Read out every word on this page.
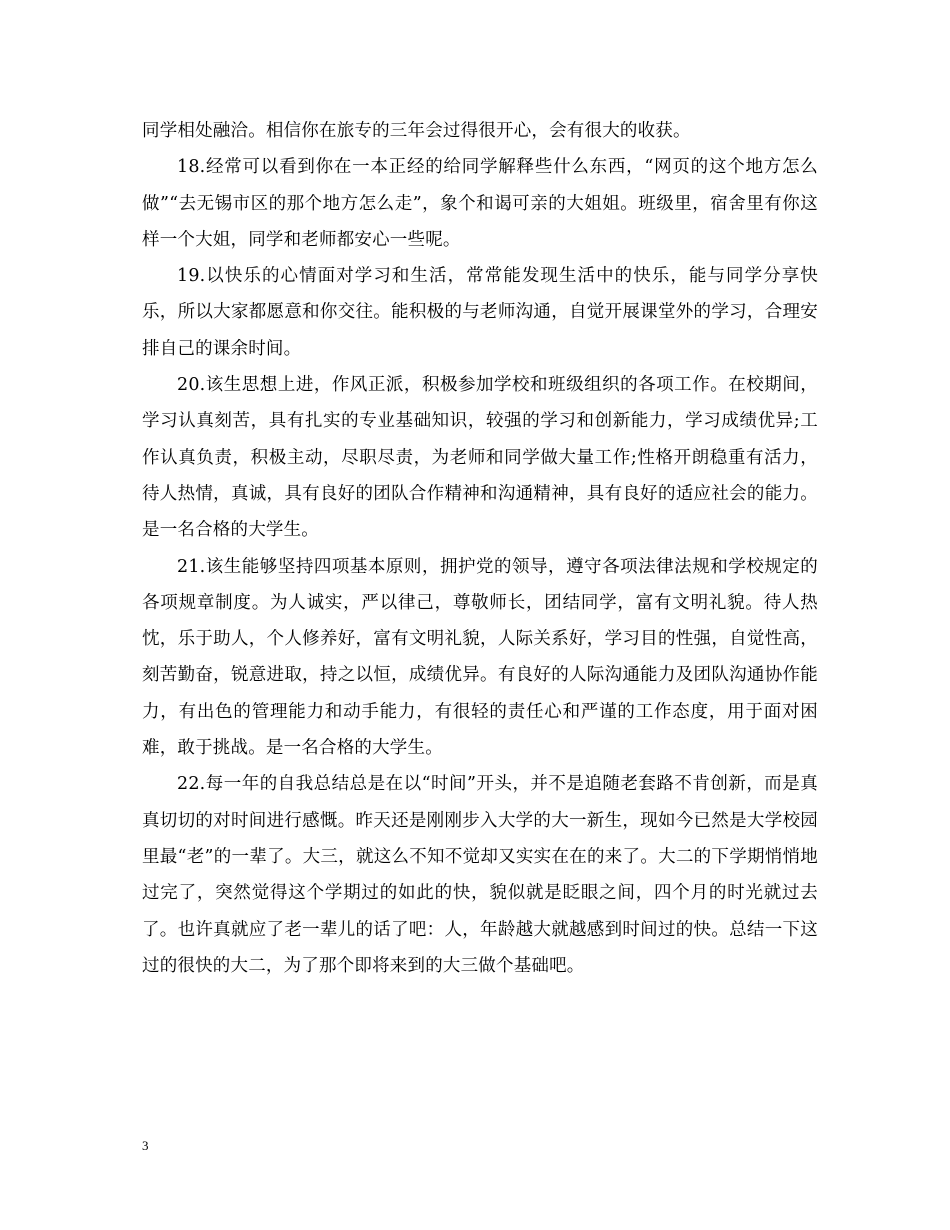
同学相处融洽。相信你在旅专的三年会过得很开心，会有很大的收获。

18.经常可以看到你在一本正经的给同学解释些什么东西，“网页的这个地方怎么做”“去无锡市区的那个地方怎么走”，象个和谒可亲的大姐姐。班级里，宿舍里有你这样一个大姐，同学和老师都安心一些呢。

19.以快乐的心情面对学习和生活，常常能发现生活中的快乐，能与同学分享快乐，所以大家都愿意和你交往。能积极的与老师沟通，自觉开展课堂外的学习，合理安排自己的课余时间。

20.该生思想上进，作风正派，积极参加学校和班级组织的各项工作。在校期间，学习认真刻苦，具有扎实的专业基础知识，较强的学习和创新能力，学习成绩优异;工作认真负责，积极主动，尽职尽责，为老师和同学做大量工作;性格开朗稳重有活力，待人热情，真诚，具有良好的团队合作精神和沟通精神，具有良好的适应社会的能力。是一名合格的大学生。

21.该生能够坚持四项基本原则，拥护党的领导，遵守各项法律法规和学校规定的各项规章制度。为人诚实，严以律己，尊敬师长，团结同学，富有文明礼貌。待人热忱，乐于助人，个人修养好，富有文明礼貌，人际关系好，学习目的性强，自觉性高，刻苦勤奋，锐意进取，持之以恒，成绩优异。有良好的人际沟通能力及团队沟通协作能力，有出色的管理能力和动手能力，有很轻的责任心和严谨的工作态度，用于面对困难，敢于挑战。是一名合格的大学生。

22.每一年的自我总结总是在以“时间”开头，并不是追随老套路不肯创新，而是真真切切的对时间进行感慨。昨天还是刚刚步入大学的大一新生，现如今已然是大学校园里最“老”的一辈了。大三，就这么不知不觉却又实实在在的来了。大二的下学期悄悄地过完了，突然觉得这个学期过的如此的快，貌似就是眨眼之间，四个月的时光就过去了。也许真就应了老一辈儿的话了吧：人，年龄越大就越感到时间过的快。总结一下这过的很快的大二，为了那个即将来到的大三做个基础吧。

3
